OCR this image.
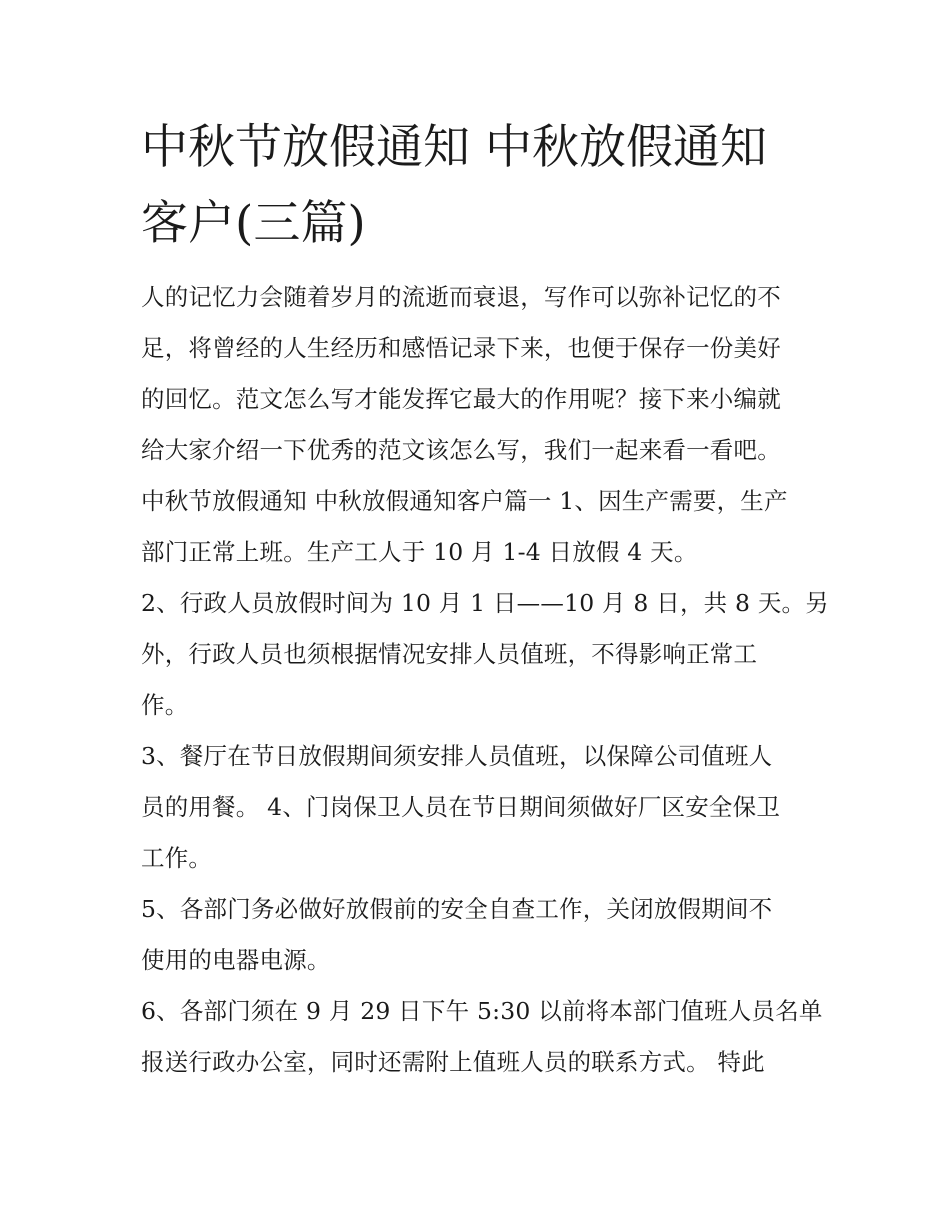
中秋节放假通知 中秋放假通知
客户(三篇)
人的记忆力会随着岁月的流逝而衰退，写作可以弥补记忆的不
足，将曾经的人生经历和感悟记录下来，也便于保存一份美好
的回忆。范文怎么写才能发挥它最大的作用呢？接下来小编就
给大家介绍一下优秀的范文该怎么写，我们一起来看一看吧。
中秋节放假通知 中秋放假通知客户篇一 1、因生产需要，生产
部门正常上班。生产工人于 10 月 1-4 日放假 4 天。
2、行政人员放假时间为 10 月 1 日——10 月 8 日，共 8 天。另
外，行政人员也须根据情况安排人员值班，不得影响正常工
作。
3、餐厅在节日放假期间须安排人员值班，以保障公司值班人
员的用餐。 4、门岗保卫人员在节日期间须做好厂区安全保卫
工作。
5、各部门务必做好放假前的安全自查工作，关闭放假期间不
使用的电器电源。
6、各部门须在 9 月 29 日下午 5:30 以前将本部门值班人员名单
报送行政办公室，同时还需附上值班人员的联系方式。 特此
